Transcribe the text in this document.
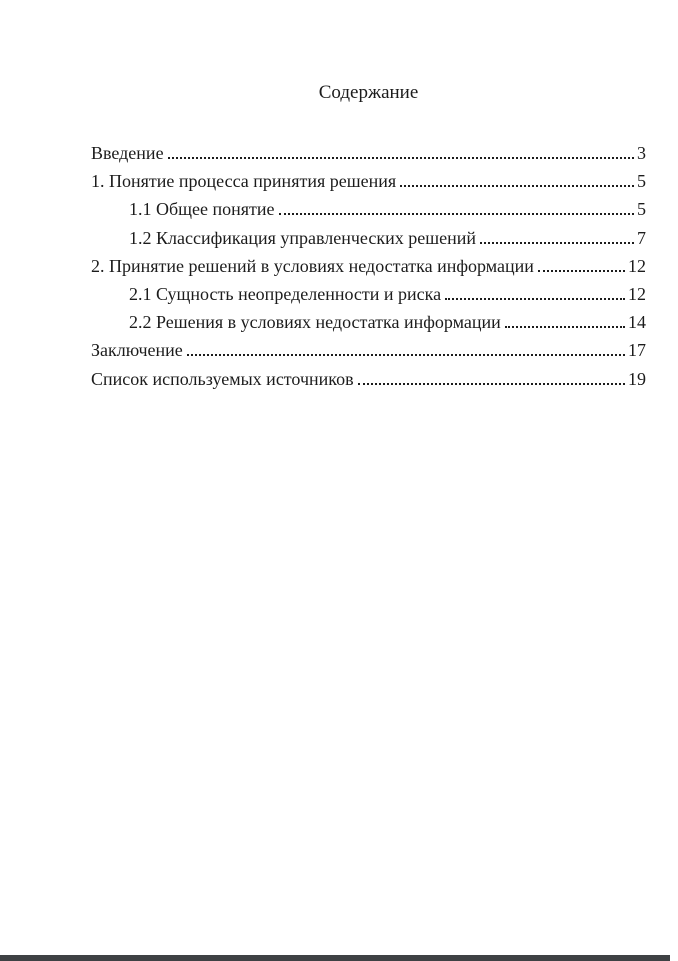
Содержание
Введение	3
1. Понятие процесса принятия решения	5
1.1 Общее понятие	5
1.2 Классификация управленческих решений	7
2. Принятие решений в условиях недостатка информации	12
2.1 Сущность неопределенности и риска	12
2.2 Решения в условиях недостатка информации	14
Заключение	17
Список используемых источников	19
